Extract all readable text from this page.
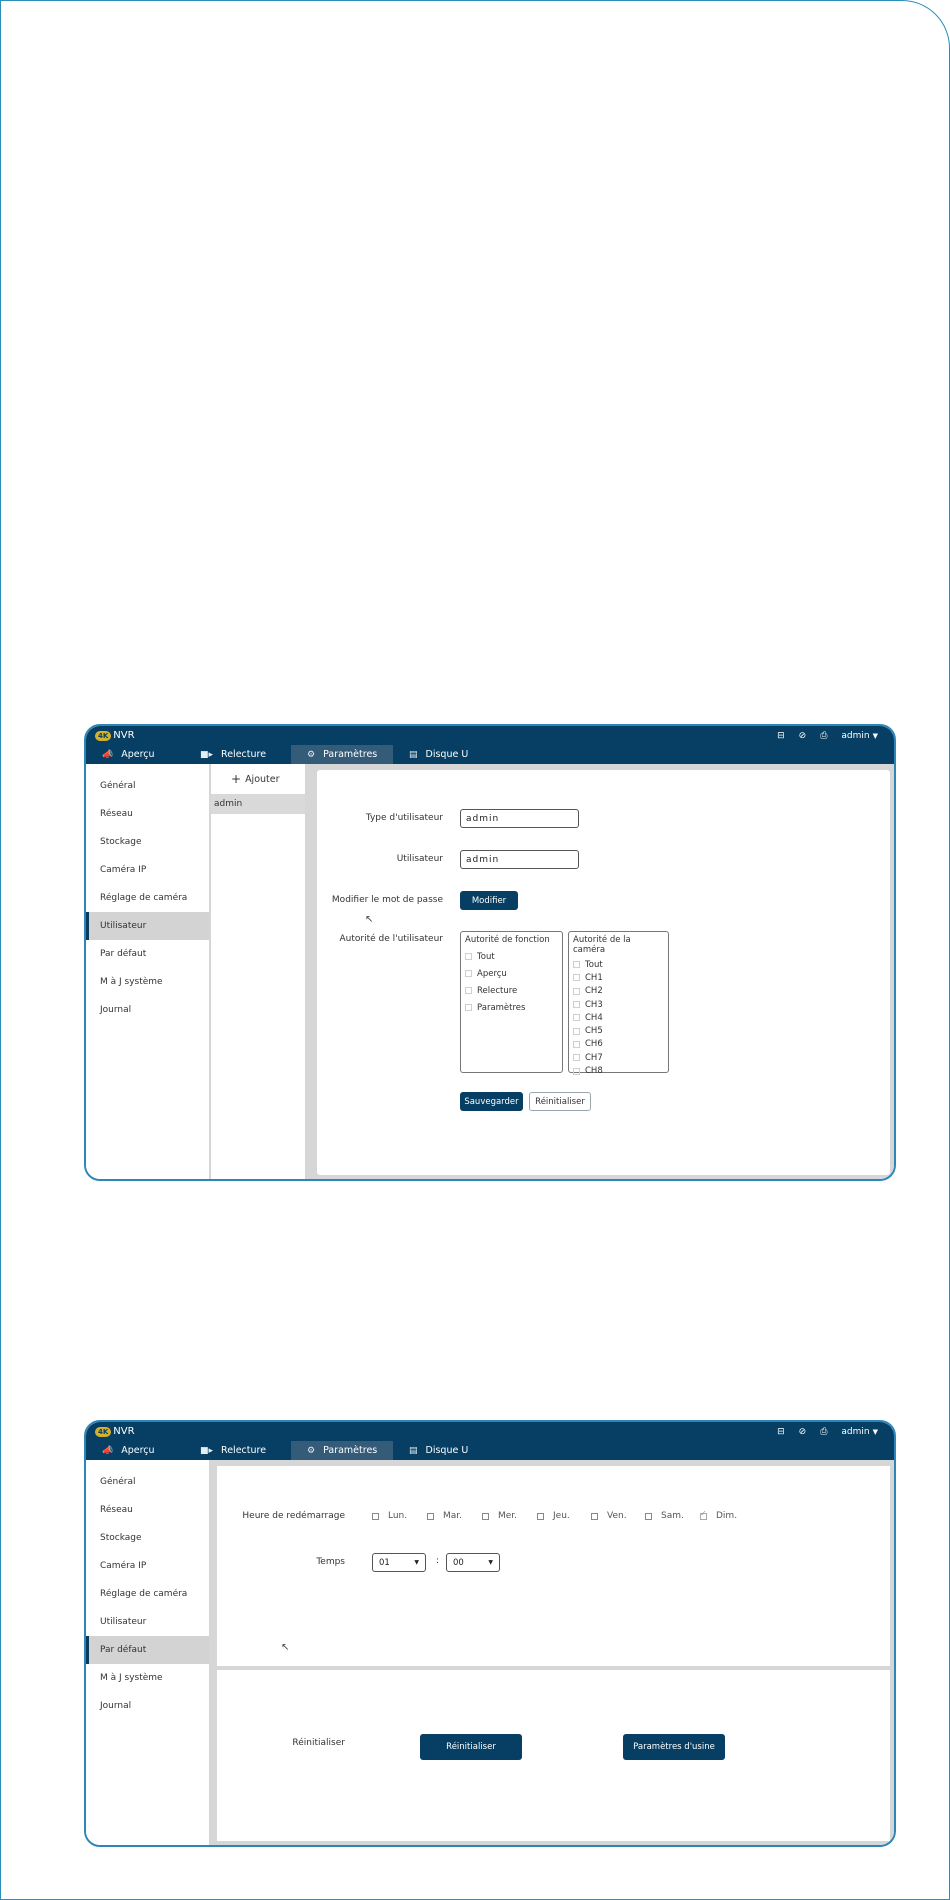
4K NVR
📣 Aperçu	■▸ Relecture	⚙ Paramètres	▤ Disque U
⊟ ⊘ ⎙ admin ▼
Général
Réseau
Stockage
Caméra IP
Réglage de caméra
Utilisateur
Par défaut
M à J système
Journal
+ Ajouter
admin
Type d'utilisateur
admin
Utilisateur
admin
Modifier le mot de passe	Modifier
↖
Autorité de l'utilisateur	Autorité de fonction
Tout
Aperçu
Relecture
Paramètres
Autorité de la caméra
Tout
CH1
CH2
CH3
CH4
CH5
CH6
CH7
CH8
Sauvegarder	Réinitialiser
4K NVR
📣 Aperçu	■▸ Relecture	⚙ Paramètres	▤ Disque U
⊟ ⊘ ⎙ admin ▼
Général
Réseau
Stockage
Caméra IP
Réglage de caméra
Utilisateur
Par défaut
M à J système
Journal
Heure de redémarrage	Lun.	Mar.	Mer.	Jeu.	Ven.	Sam.
✓	Dim.
Temps	01	▼ : 00	▼
↖
Réinitialiser	Réinitialiser	Paramètres d'usine
